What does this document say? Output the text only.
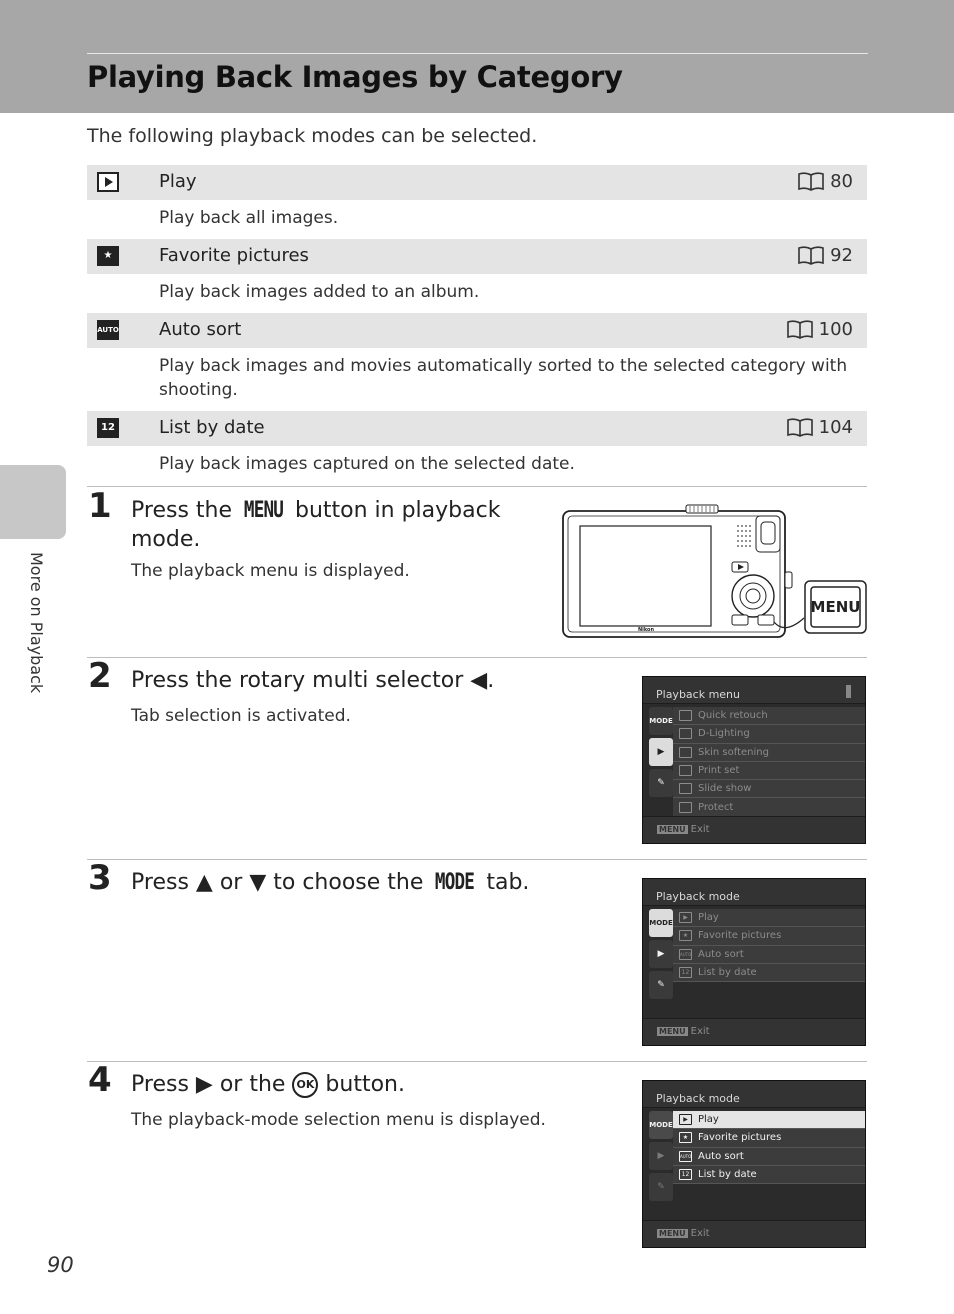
Playing Back Images by Category

The following playback modes can be selected.

Play	80

Play back all images.

★	Favorite pictures	92

Play back images added to an album.

AUTO Auto sort	100

Play back images and movies automatically sorted to the selected category with shooting.

12 List by date	104

Play back images captured on the selected date.

More on Playback
1 Press the MENU button in playback mode.
The playback menu is displayed.
MENU
Nikon
2 Press the rotary multi selector ◀.
Tab selection is activated.
Playback menu
MODE
▶
✎
Quick retouch
D-Lighting
Skin softening
Print set
Slide show
Protect
MENU Exit
3 Press ▲ or ▼ to choose the MODE tab.
Playback mode
MODE
▶
✎
▶	Play
★ Favorite pictures
AUTO Auto sort
12 List by date
MENU Exit
4 Press ▶ or the OK button.
The playback-mode selection menu is displayed.
Playback mode
MODE
▶
✎
▶	Play
★ Favorite pictures
AUTO Auto sort
12 List by date
MENU Exit
90
